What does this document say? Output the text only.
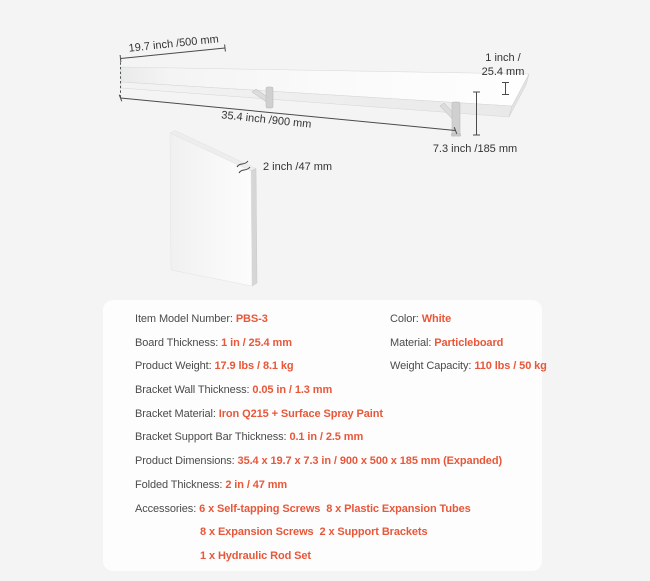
19.7 inch /500 mm
35.4 inch /900 mm
7.3 inch /185 mm
1 inch /
25.4 mm
2 inch /47 mm
Item Model Number: PBS-3	Color: White
Board Thickness: 1 in / 25.4 mm	Material: Particleboard
Product Weight: 17.9 lbs / 8.1 kg	Weight Capacity: 110 lbs / 50 kg
Bracket Wall Thickness: 0.05 in / 1.3 mm
Bracket Material: Iron Q215 + Surface Spray Paint
Bracket Support Bar Thickness: 0.1 in / 2.5 mm
Product Dimensions: 35.4 x 19.7 x 7.3 in / 900 x 500 x 185 mm (Expanded)
Folded Thickness: 2 in / 47 mm
Accessories: 6 x Self-tapping Screws  8 x Plastic Expansion Tubes
8 x Expansion Screws  2 x Support Brackets
1 x Hydraulic Rod Set
